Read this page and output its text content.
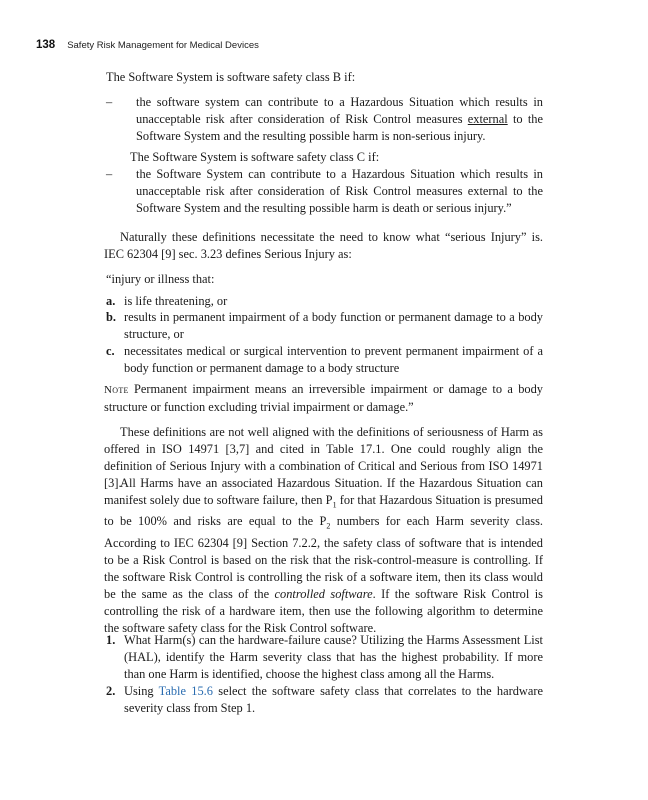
138 Safety Risk Management for Medical Devices

The Software System is software safety class B if:

– the software system can contribute to a Hazardous Situation which results in unacceptable risk after consideration of Risk Control measures external to the Software System and the resulting possible harm is non-serious injury.

The Software System is software safety class C if:

– the Software System can contribute to a Hazardous Situation which results in unacceptable risk after consideration of Risk Control measures external to the Software System and the resulting possible harm is death or serious injury.”

Naturally these definitions necessitate the need to know what “serious Injury” is. IEC 62304 [9] sec. 3.23 defines Serious Injury as:

“injury or illness that:

a. is life threatening, or

b. results in permanent impairment of a body function or permanent damage to a body structure, or

c. necessitates medical or surgical intervention to prevent permanent impairment of a body function or permanent damage to a body structure

Note Permanent impairment means an irreversible impairment or damage to a body structure or function excluding trivial impairment or damage.”

These definitions are not well aligned with the definitions of seriousness of Harm as offered in ISO 14971 [3,7] and cited in Table 17.1. One could roughly align the definition of Serious Injury with a combination of Critical and Serious from ISO 14971 [3].

All Harms have an associated Hazardous Situation. If the Hazardous Situation can manifest solely due to software failure, then $P_1$ for that Hazardous Situation is presumed to be 100% and risks are equal to the $P_2$ numbers for each Harm severity class. According to IEC 62304 [9] Section 7.2.2, the safety class of software that is intended to be a Risk Control is based on the risk that the risk-control-measure is controlling. If the software Risk Control is controlling the risk of a software item, then its class would be the same as the class of the controlled software. If the software Risk Control is controlling the risk of a hardware item, then use the following algorithm to determine the software safety class for the Risk Control software.

1. What Harm(s) can the hardware-failure cause? Utilizing the Harms Assessment List (HAL), identify the Harm severity class that has the highest probability. If more than one Harm is identified, choose the highest class among all the Harms.

2. Using Table 15.6 select the software safety class that correlates to the hardware severity class from Step 1.
